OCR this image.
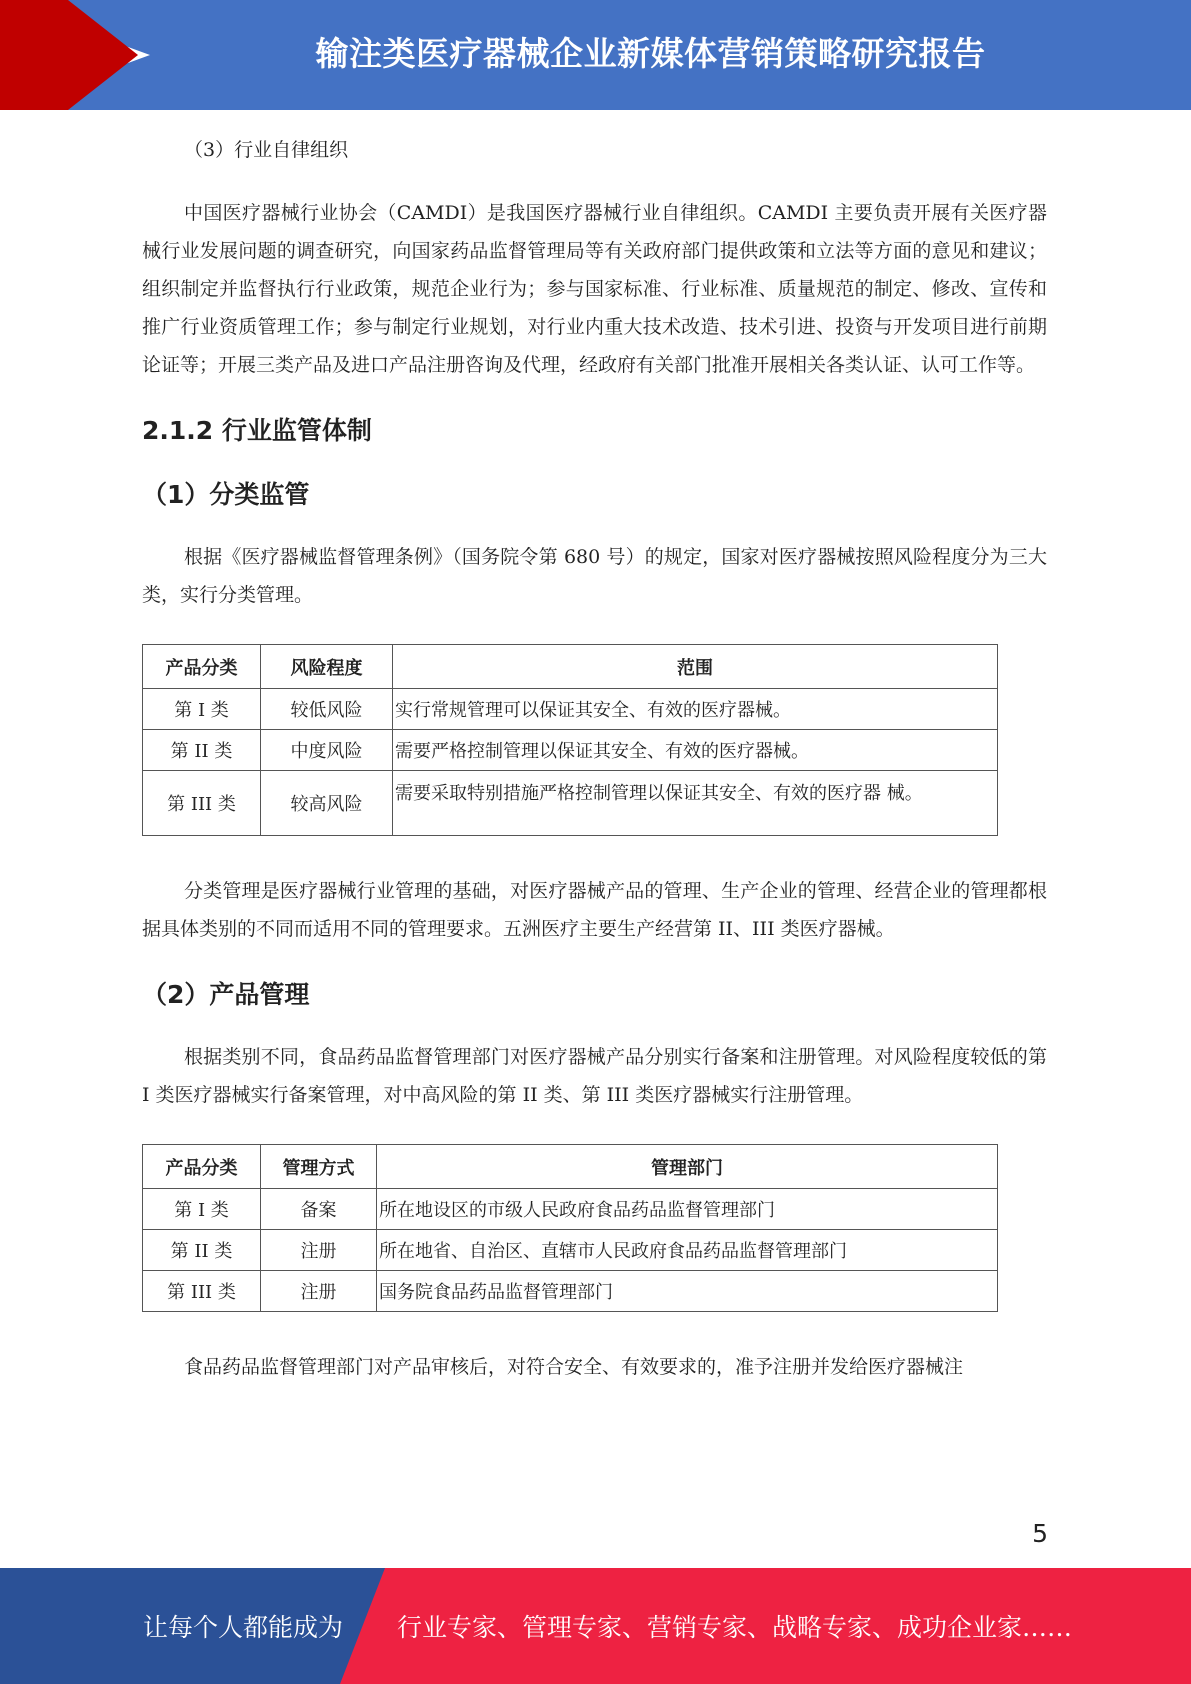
输注类医疗器械企业新媒体营销策略研究报告
（3）行业自律组织

中国医疗器械行业协会（CAMDI）是我国医疗器械行业自律组织。CAMDI 主要负责开展有关医疗器械行业发展问题的调查研究，向国家药品监督管理局等有关政府部门提供政策和立法等方面的意见和建议；组织制定并监督执行行业政策，规范企业行为；参与国家标准、行业标准、质量规范的制定、修改、宣传和推广行业资质管理工作；参与制定行业规划，对行业内重大技术改造、技术引进、投资与开发项目进行前期论证等；开展三类产品及进口产品注册咨询及代理，经政府有关部门批准开展相关各类认证、认可工作等。

2.1.2 行业监管体制
（1）分类监管

根据《医疗器械监督管理条例》（国务院令第 680 号）的规定，国家对医疗器械按照风险程度分为三大类，实行分类管理。

产品分类	风险程度	范围
第 I 类	较低风险	实行常规管理可以保证其安全、有效的医疗器械。
第 II 类	中度风险	需要严格控制管理以保证其安全、有效的医疗器械。
第 III 类	较高风险	需要采取特别措施严格控制管理以保证其安全、有效的医疗器 械。

分类管理是医疗器械行业管理的基础，对医疗器械产品的管理、生产企业的管理、经营企业的管理都根据具体类别的不同而适用不同的管理要求。五洲医疗主要生产经营第 II、III 类医疗器械。

（2）产品管理

根据类别不同，食品药品监督管理部门对医疗器械产品分别实行备案和注册管理。对风险程度较低的第 I 类医疗器械实行备案管理，对中高风险的第 II 类、第 III 类医疗器械实行注册管理。

产品分类	管理方式	管理部门
第 I 类	备案	所在地设区的市级人民政府食品药品监督管理部门
第 II 类	注册	所在地省、自治区、直辖市人民政府食品药品监督管理部门
第 III 类	注册	国务院食品药品监督管理部门

食品药品监督管理部门对产品审核后，对符合安全、有效要求的，准予注册并发给医疗器械注

5
让每个人都能成为 行业专家、管理专家、营销专家、战略专家、成功企业家……
